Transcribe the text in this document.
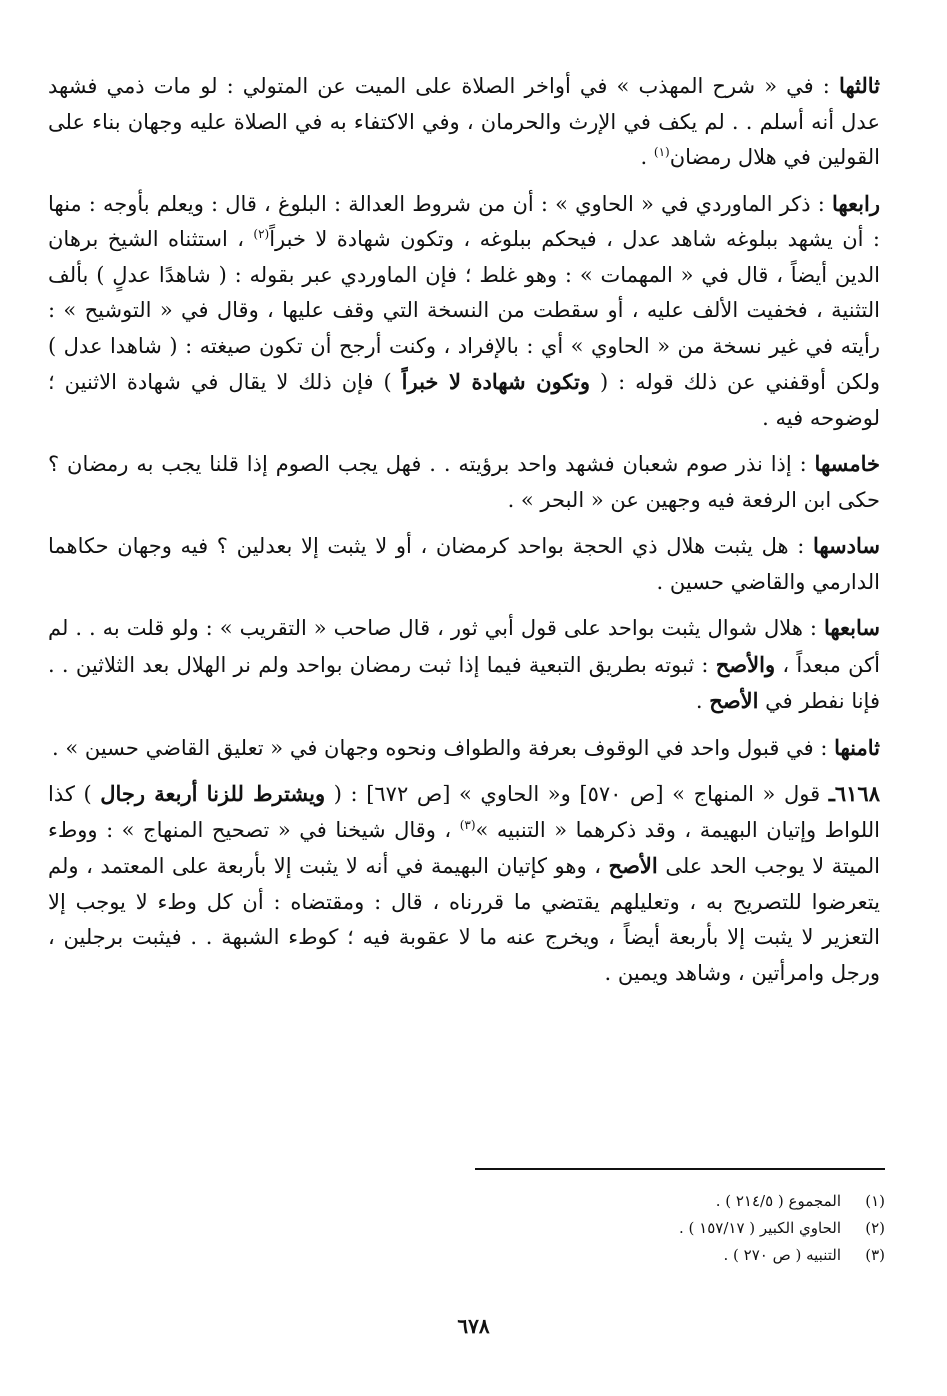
ثالثها : في « شرح المهذب » في أواخر الصلاة على الميت عن المتولي : لو مات ذمي فشهد عدل أنه أسلم . . لم يكف في الإرث والحرمان ، وفي الاكتفاء به في الصلاة عليه وجهان بناء على القولين في هلال رمضان$^{(١)}$ .

رابعها : ذكر الماوردي في « الحاوي » : أن من شروط العدالة : البلوغ ، قال : ويعلم بأوجه : منها : أن يشهد ببلوغه شاهد عدل ، فيحكم ببلوغه ، وتكون شهادة لا خبراً$^{(٢)}$ ، استثناه الشيخ برهان الدين أيضاً ، قال في « المهمات » : وهو غلط ؛ فإن الماوردي عبر بقوله : ( شاهدًا عدلٍ ) بألف التثنية ، فخفيت الألف عليه ، أو سقطت من النسخة التي وقف عليها ، وقال في « التوشيح » : رأيته في غير نسخة من « الحاوي » أي : بالإفراد ، وكنت أرجح أن تكون صيغته : ( شاهدا عدل ) ولكن أوقفني عن ذلك قوله : ( وتكون شهادة لا خبراً ) فإن ذلك لا يقال في شهادة الاثنين ؛ لوضوحه فيه .

خامسها : إذا نذر صوم شعبان فشهد واحد برؤيته . . فهل يجب الصوم إذا قلنا يجب به رمضان ؟ حكى ابن الرفعة فيه وجهين عن « البحر » .

سادسها : هل يثبت هلال ذي الحجة بواحد كرمضان ، أو لا يثبت إلا بعدلين ؟ فيه وجهان حكاهما الدارمي والقاضي حسين .

سابعها : هلال شوال يثبت بواحد على قول أبي ثور ، قال صاحب « التقريب » : ولو قلت به . . لم أكن مبعداً ، والأصح : ثبوته بطريق التبعية فيما إذا ثبت رمضان بواحد ولم نر الهلال بعد الثلاثين . . فإنا نفطر في الأصح .

ثامنها : في قبول واحد في الوقوف بعرفة والطواف ونحوه وجهان في « تعليق القاضي حسين » .

٦١٦٨ـ قول « المنهاج » [ص ٥٧٠] و« الحاوي » [ص ٦٧٢] : ( ويشترط للزنا أربعة رجال ) كذا اللواط وإتيان البهيمة ، وقد ذكرهما « التنبيه »$^{(٣)}$ ، وقال شيخنا في « تصحيح المنهاج » : ووطء الميتة لا يوجب الحد على الأصح ، وهو كإتيان البهيمة في أنه لا يثبت إلا بأربعة على المعتمد ، ولم يتعرضوا للتصريح به ، وتعليلهم يقتضي ما قررناه ، قال : ومقتضاه : أن كل وطء لا يوجب إلا التعزير لا يثبت إلا بأربعة أيضاً ، ويخرج عنه ما لا عقوبة فيه ؛ كوطء الشبهة . . فيثبت برجلين ، ورجل وامرأتين ، وشاهد ويمين .

(١)المجموع ( ٢١٤/٥ ) .
(٢)الحاوي الكبير ( ١٥٧/١٧ ) .
(٣)التنبيه ( ص ٢٧٠ ) .
٦٧٨
